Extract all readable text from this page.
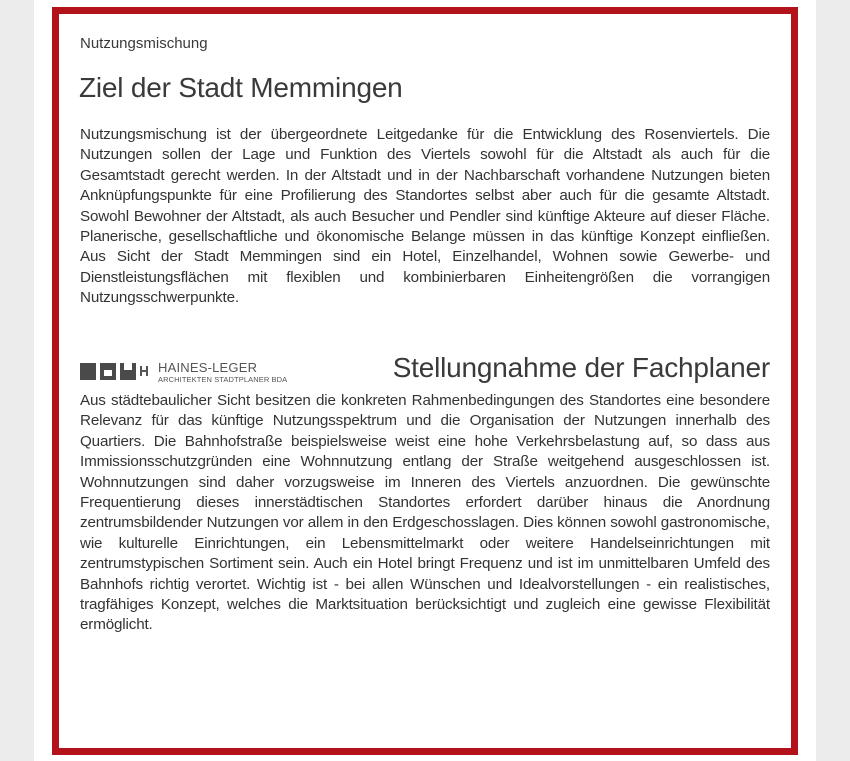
Nutzungsmischung
Ziel der Stadt Memmingen

Nutzungsmischung ist der übergeordnete Leitgedanke für die Entwicklung des Rosenviertels. Die Nutzungen sollen der Lage und Funktion des Viertels sowohl für die Altstadt als auch für die Gesamtstadt gerecht werden. In der Altstadt und in der Nachbarschaft vorhandene Nutzungen bieten Anknüpfungspunkte für eine Profilierung des Standortes selbst aber auch für die gesamte Altstadt. Sowohl Bewohner der Altstadt, als auch Besucher und Pendler sind künftige Akteure auf dieser Fläche. Planerische, gesellschaftliche und ökonomische Belange müssen in das künftige Konzept einfließen. Aus Sicht der Stadt Memmingen sind ein Hotel, Einzelhandel, Wohnen sowie Gewerbe- und Dienstleistungsflächen mit flexiblen und kombinierbaren Einheitengrößen die vorrangigen Nutzungsschwerpunkte.

HAINES-LEGER
ARCHITEKTEN STADTPLANER BDA	Stellungnahme der Fachplaner

Aus städtebaulicher Sicht besitzen die konkreten Rahmenbedingungen des Standortes eine besondere Relevanz für das künftige Nutzungsspektrum und die Organisation der Nutzungen innerhalb des Quartiers. Die Bahnhofstraße beispielsweise weist eine hohe Verkehrsbelastung auf, so dass aus Immissionsschutzgründen eine Wohnnutzung entlang der Straße weitgehend ausgeschlossen ist. Wohnnutzungen sind daher vorzugsweise im Inneren des Viertels anzuordnen. Die gewünschte Frequentierung dieses innerstädtischen Standortes erfordert darüber hinaus die Anordnung zentrumsbildender Nutzungen vor allem in den Erdgeschosslagen. Dies können sowohl gastronomische, wie kulturelle Einrichtungen, ein Lebensmittelmarkt oder weitere Handelseinrichtungen mit zentrumstypischen Sortiment sein. Auch ein Hotel bringt Frequenz und ist im unmittelbaren Umfeld des Bahnhofs richtig verortet. Wichtig ist - bei allen Wünschen und Idealvorstellungen - ein realistisches, tragfähiges Konzept, welches die Marktsituation berücksichtigt und zugleich eine gewisse Flexibilität ermöglicht.
